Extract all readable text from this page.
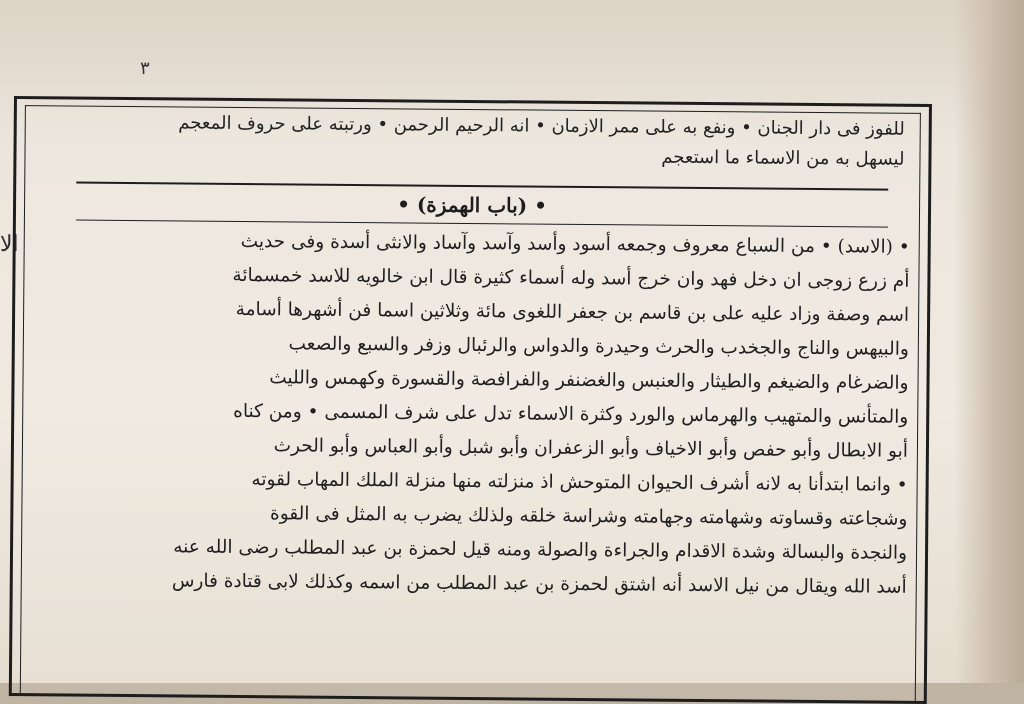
٣
الا
للفوز فى دار الجنان • ونفع به على ممر الازمان • انه الرحيم الرحمن • ورتبته على حروف المعجم
ليسهل به من الاسماء ما استعجم
• (باب الهمزة) •
• (الاسد) • من السباع معروف وجمعه أسود وأسد وآسد وآساد والانثى أسدة وفى حديث
أم زرع زوجى ان دخل فهد وان خرج أسد وله أسماء كثيرة قال ابن خالويه للاسد خمسمائة
اسم وصفة وزاد عليه على بن قاسم بن جعفر اللغوى مائة وثلاثين اسما فن أشهرها أسامة
والبيهس والناج والجخدب والحرث وحيدرة والدواس والرئبال وزفر والسبع والصعب
والضرغام والضيغم والطيثار والعنبس والغضنفر والفرافصة والقسورة وكهمس والليث
والمتأنس والمتهيب والهرماس والورد وكثرة الاسماء تدل على شرف المسمى • ومن كناه
أبو الابطال وأبو حفص وأبو الاخياف وأبو الزعفران وأبو شبل وأبو العباس وأبو الحرث
• وانما ابتدأنا به لانه أشرف الحيوان المتوحش اذ منزلته منها منزلة الملك المهاب لقوته
وشجاعته وقساوته وشهامته وجهامته وشراسة خلقه ولذلك يضرب به المثل فى القوة
والنجدة والبسالة وشدة الاقدام والجراءة والصولة ومنه قيل لحمزة بن عبد المطلب رضى الله عنه
أسد الله ويقال من نيل الاسد أنه اشتق لحمزة بن عبد المطلب من اسمه وكذلك لابى قتادة فارس
